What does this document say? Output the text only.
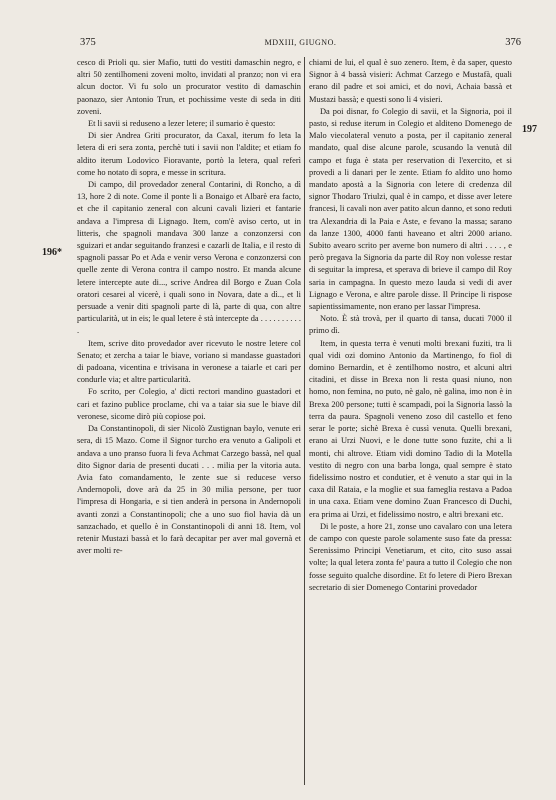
375	MDXIII, GIUGNO.	376
196*
197

cesco di Prioli qu. sier Mafio, tutti do vestiti damaschin negro, e altri 50 zentilhomeni zoveni molto, invidati al pranzo; non vi era alcun doctor. Vi fu solo un procurator vestito di damaschin paonazo, sier Antonio Trun, et pochissime veste di seda in diti zoveni.

Et li savii si reduseno a lezer letere; il sumario è questo:

Di sier Andrea Griti procurator, da Caxal, iterum fo leta la letera di eri sera zonta, perchè tuti i savii non l'aldite; et etiam fo aldito iterum Lodovico Fioravante, portò la letera, qual referì come ho notato di sopra, e messe in scritura.

Di campo, dil provedador zeneral Contarini, di Roncho, a dì 13, hore 2 di note. Come il ponte li a Bonaigo et Albarè era facto, et che il capitanio zeneral con alcuni cavali lizieri et fantarie andava a l'impresa di Lignago. Item, com'è aviso certo, ut in litteris, che spagnoli mandava 300 lanze a conzonzersi con sguizari et andar seguitando franzesi e cazarli de Italia, e il resto di spagnoli passar Po et Ada e venir verso Verona e conzonzersi con quelle zente di Verona contra il campo nostro. Et manda alcune letere intercepte aute di..., scrive Andrea dil Borgo e Zuan Cola oratori cesarei al vicerè, i quali sono in Novara, date a dì.., et li persuade a venir diti spagnoli parte di là, parte di qua, con altre particularità, ut in eis; le qual letere è stà intercepte da . . . . . . . . . . .

Item, scrive dito provedador aver ricevuto le nostre letere col Senato; et zercha a taiar le biave, voriano si mandasse guastadori di padoana, vicentina e trivisana in veronese a taiarle et cari per condurle via; et altre particularità.

Fo scrito, per Colegio, a' dicti rectori mandino guastadori et cari et fazino publice proclame, chi va a taiar sia sue le biave dil veronese, sicome dirò più copiose poi.

Da Constantinopoli, di sier Nicolò Zustignan baylo, venute eri sera, di 15 Mazo. Come il Signor turcho era venuto a Galipoli et andava a uno pranso fuora li feva Achmat Carzego bassà, nel qual dito Signor daria de presenti ducati . . . milia per la vitoria auta. Avia fato comandamento, le zente sue si reducese verso Andernopoli, dove arà da 25 in 30 milia persone, per tuor l'impresa di Hongaria, e si tien anderà in persona in Andernopoli avanti zonzi a Constantinopoli; che a uno suo fiol havia dà un sanzachado, et quello è in Constantinopoli di anni 18. Item, vol retenir Mustazi bassà et lo farà decapitar per aver mal governà et aver molti re-

chiami de lui, el qual è suo zenero. Item, è da saper, questo Signor à 4 bassà visieri: Achmat Carzego e Mustafà, quali erano dil padre et soi amici, et do novi, Achaia bassà et Mustazi bassà; e questi sono li 4 visieri.

Da poi disnar, fo Colegio di savii, et la Signoria, poi il pasto, si reduse iterum in Colegio et alditeno Domenego de Malo viecolateral venuto a posta, per il capitanio zeneral mandato, qual dise alcune parole, scusando la venutà dil campo et fuga è stata per reservation di l'exercito, et si provedi a li danari per le zente. Etiam fo aldito uno homo mandato apostà a la Signoria con letere di credenza dil signor Thodaro Triulzi, qual è in campo, et disse aver letere francesi, li cavali non aver patito alcun danno, et sono reduti tra Alexandria di la Paia e Aste, e fevano la massa; sarano da lanze 1300, 4000 fanti haveano et altri 2000 ariano. Subito avearo scrito per averne bon numero di altri . . . . , e però pregava la Signoria da parte dil Roy non volesse restar di seguitar la impresa, et sperava di brieve il campo dil Roy saria in campagna. In questo mezo lauda si vedi di aver Lignago e Verona, e altre parole disse. Il Principe li rispose sapientissimamente, non erano per lassar l'impresa.

Noto. È stà trovà, per il quarto di tansa, ducati 7000 il primo dì.

Item, in questa terra è venuti molti brexani fuziti, tra li qual vidi ozi domino Antonio da Martinengo, fo fiol di domino Bernardin, et è zentilhomo nostro, et alcuni altri citadini, et disse in Brexa non li resta quasi niuno, non homo, non femina, no puto, nè galo, nè galina, imo non è in Brexa 200 persone; tutti è scampadi, poi la Signoria lassò la terra da paura. Spagnoli veneno zoso dil castello et feno serar le porte; sichè Brexa è cussì venuta. Quelli brexani, erano ai Urzi Nuovi, e le done tutte sono fuzite, chi a li monti, chi altrove. Etiam vidi domino Tadio di la Motella vestito di negro con una barba longa, qual sempre è stato fidelissimo nostro et condutier, et è venuto a star qui in la caxa dil Rataia, e la moglie et sua fameglia restava a Padoa in una caxa. Etiam vene domino Zuan Francesco di Duchi, era prima ai Urzi, et fidelissimo nostro, e altri brexani etc.

Di le poste, a hore 21, zonse uno cavalaro con una letera de campo con queste parole solamente suso fate da pressa: Serenissimo Principi Venetiarum, et cito, cito suso assai volte; la qual letera zonta fe' paura a tutto il Colegio che non fosse seguito qualche disordine. Et fo letere di Piero Brexan secretario di sier Domenego Contarini provedador
